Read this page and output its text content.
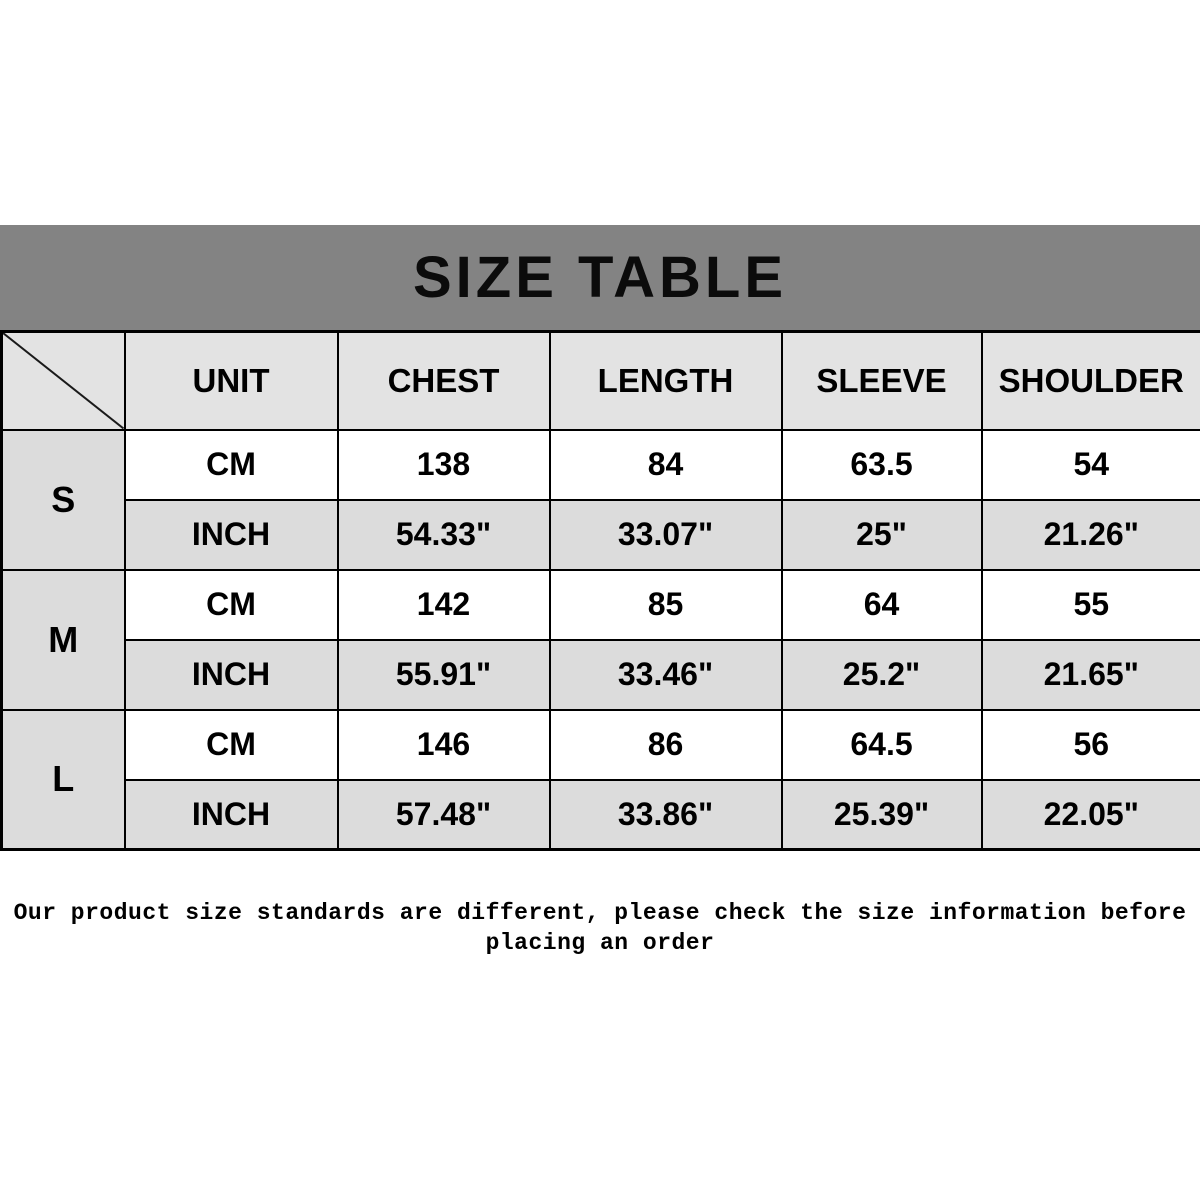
SIZE TABLE
	UNIT	CHEST	LENGTH	SLEEVE	SHOULDER
S	CM	138	84	63.5	54
	INCH	54.33"	33.07"	25"	21.26"
M	CM	142	85	64	55
	INCH	55.91"	33.46"	25.2"	21.65"
L	CM	146	86	64.5	56
	INCH	57.48"	33.86"	25.39"	22.05"
Our product size standards are different, please check the size information before
placing an order
